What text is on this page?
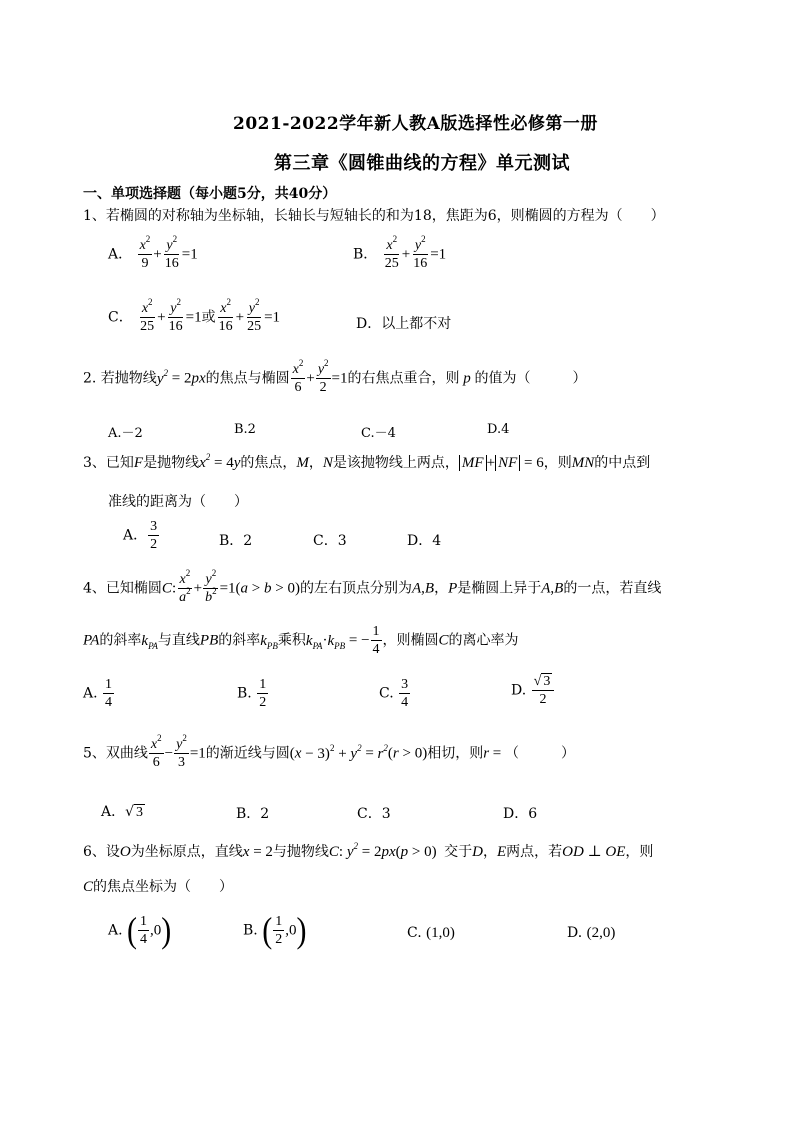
2021-2022学年新人教A版选择性必修第一册
第三章《圆锥曲线的方程》单元测试
一、单项选择题（每小题5分，共40分）
1、若椭圆的对称轴为坐标轴，长轴长与短轴长的和为18，焦距为6，则椭圆的方程为（　　）
A． $\frac{x^2}{9} + \frac{y^2}{16} =1$	B． $\frac{x^2}{25} + \frac{y^2}{16} =1$
C． $\frac{x^2}{25} + \frac{y^2}{16} =1$或 $\frac{x^2}{16} + \frac{y^2}{25} =1$	D．以上都不对
2. 若抛物线$y^2 = 2px$的焦点与椭圆 $\frac{x^2}{6} + \frac{y^2}{2} =1$的右焦点重合，则 p 的值为（　　　）
A.－2	B.2	C.－4	D.4
3、已知F是抛物线$x^2 = 4y$的焦点，M，N是该抛物线上两点， MF + NF = 6，则MN的中点到
准线的距离为（　　）
A． $\frac{3}{2}$	B．2	C．3	D．4
4、已知椭圆C: $\frac{x^2}{a^2} + \frac{y^2}{b^2} =1(a > b > 0)$的左右顶点分别为A,B，P是椭圆上异于A,B的一点，若直线
PA的斜率$k_{PA}$与直线PB的斜率$k_{PB}$乘积$k_{PA}\cdot k_{PB}$ = − $\frac{1}{4}$ ，则椭圆C的离心率为
A. $\frac{1}{4}$	B. $\frac{1}{2}$	C. $\frac{3}{4}$	D. $\frac{√ 3}{2}$
5、双曲线 $\frac{x^2}{6} - \frac{y^2}{3} =1$的渐近线与圆$(x - 3)^2 + y^2 = r^2(r > 0)$相切，则r = （　　　）
A．√ 3	B．2	C．3	D．6
6、设O为坐标原点，直线x = 2与抛物线C: $y^2 = 2px(p > 0)$  交于D，E两点，若OD ⊥ OE，则
C的焦点坐标为（　　）
A. ( $\frac{1}{4} ,0$)	B. ( $\frac{1}{2} ,0$)	C. (1,0)	D. (2,0)
